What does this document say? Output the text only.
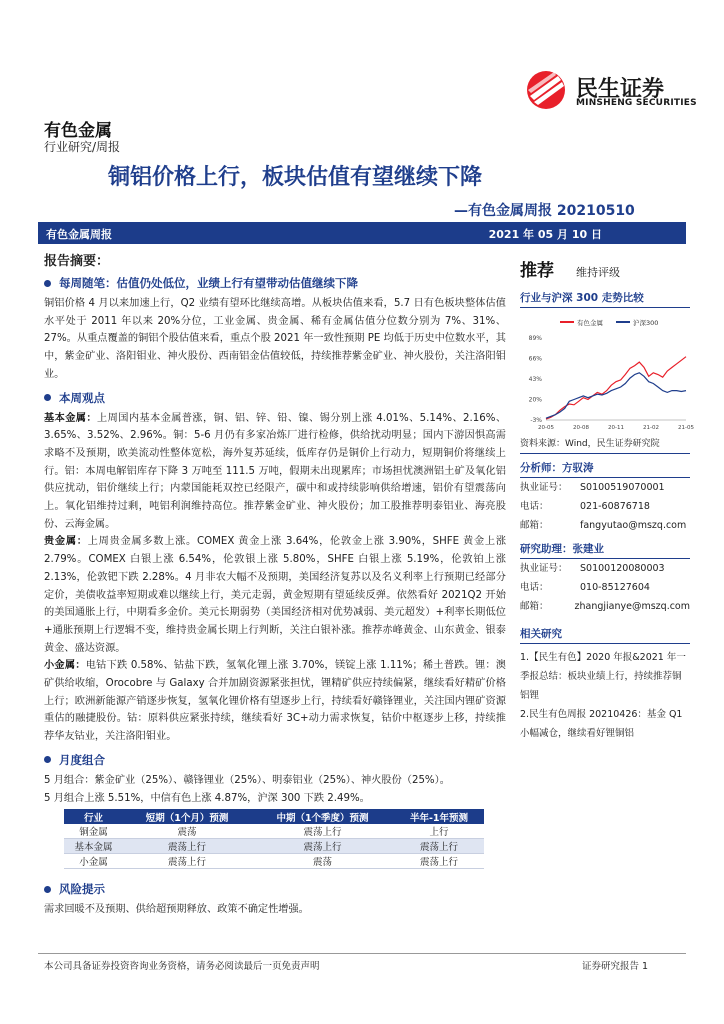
民生证券
MINSHENG SECURITIES
有色金属
行业研究/周报
铜铝价格上行，板块估值有望继续下降
—有色金属周报 20210510
有色金属周报	2021 年 05 月 10 日
报告摘要：
每周随笔：估值仍处低位，业绩上行有望带动估值继续下降

铜铝价格 4 月以来加速上行，Q2 业绩有望环比继续高增。从板块估值来看，5.7 日有色板块整体估值水平处于 2011 年以来 20%分位，工业金属、贵金属、稀有金属估值分位数分别为 7%、31%、27%。从重点覆盖的铜铝个股估值来看，重点个股 2021 年一致性预期 PE 均低于历史中位数水平，其中，紫金矿业、洛阳钼业、神火股份、西南铝金估值较低，持续推荐紫金矿业、神火股份，关注洛阳钼业。

本周观点

基本金属：上周国内基本金属普涨，铜、铝、锌、铅、镍、锡分别上涨 4.01%、5.14%、2.16%、3.65%、3.52%、2.96%。铜：5-6 月仍有多家冶炼厂进行检修，供给扰动明显；国内下游因惧高需求略不及预期，欧美流动性整体宽松，海外复苏延续，低库存仍是铜价上行动力，短期铜价将继续上行。铝：本周电解铝库存下降 3 万吨至 111.5 万吨，假期未出现累库；市场担忧澳洲铝土矿及氧化铝供应扰动，铝价继续上行；内蒙国能耗双控已经限产，碳中和或持续影响供给增速，铝价有望震荡向上。氧化铝维持过剩，吨铝利润维持高位。推荐紫金矿业、神火股份；加工股推荐明泰铝业、海亮股份、云海金属。

贵金属：上周贵金属多数上涨。COMEX 黄金上涨 3.64%，伦敦金上涨 3.90%，SHFE 黄金上涨 2.79%。COMEX 白银上涨 6.54%，伦敦银上涨 5.80%，SHFE 白银上涨 5.19%，伦敦铂上涨 2.13%，伦敦钯下跌 2.28%。4 月非农大幅不及预期，美国经济复苏以及名义利率上行预期已经部分定价，美债收益率短期或难以继续上行，美元走弱，黄金短期有望延续反弹。依然看好 2021Q2 开始的美国通胀上行，中期看多金价。美元长期弱势（美国经济相对优势减弱、美元超发）+利率长期低位+通胀预期上行逻辑不变，维持贵金属长期上行判断，关注白银补涨。推荐赤峰黄金、山东黄金、银泰黄金、盛达资源。

小金属：电钴下跌 0.58%、钴盐下跌，氢氧化锂上涨 3.70%，镁锭上涨 1.11%；稀土普跌。锂：澳矿供给收缩，Orocobre 与 Galaxy 合并加剧资源紧张担忧，锂精矿供应持续偏紧，继续看好精矿价格上行；欧洲新能源产销逐步恢复，氢氧化锂价格有望逐步上行，持续看好赣锋锂业，关注国内锂矿资源重估的融捷股份。钴：原料供应紧张持续，继续看好 3C+动力需求恢复，钴价中枢逐步上移，持续推荐华友钴业，关注洛阳钼业。

月度组合

5 月组合：紫金矿业（25%）、赣锋锂业（25%）、明泰铝业（25%）、神火股份（25%）。

5 月组合上涨 5.51%，中信有色上涨 4.87%，沪深 300 下跌 2.49%。

行业	短期（1个月）预测	中期（1个季度）预测	半年-1年预测
铜金属	震荡	震荡上行	上行
基本金属	震荡上行	震荡上行	震荡上行
小金属	震荡上行	震荡	震荡上行
风险提示

需求回暖不及预期、供给超预期释放、政策不确定性增强。

推荐 维持评级
行业与沪深 300 走势比较
有色金属	沪深300
-3%
20%
43%
66%
89%
20-05	20-08	20-11	21-02	21-05
资料来源：Wind，民生证券研究院
分析师：方驭涛
执业证号：	S0100519070001
电话：	021-60876718
邮箱：	fangyutao@mszq.com
研究助理：张建业
执业证号：	S0100120080003
电话：	010-85127604
邮箱：	zhangjianye@mszq.com
相关研究
1.【民生有色】2020 年报&2021 年一季报总结：板块业绩上行，持续推荐铜铝锂
2.民生有色周报 20210426：基金 Q1 小幅减仓，继续看好锂铜铝
本公司具备证券投资咨询业务资格，请务必阅读最后一页免责声明	证券研究报告 1
